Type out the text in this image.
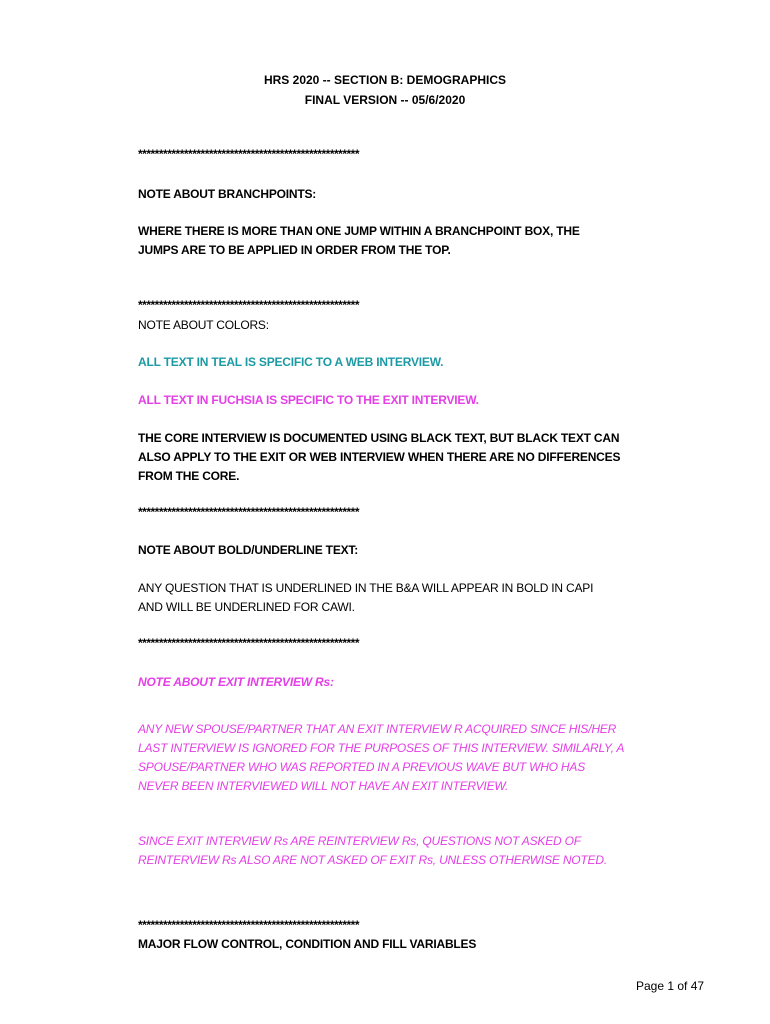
HRS 2020 -- SECTION B: DEMOGRAPHICS
FINAL VERSION -- 05/6/2020
*****************************************************
NOTE ABOUT BRANCHPOINTS:
WHERE THERE IS MORE THAN ONE JUMP WITHIN A BRANCHPOINT BOX, THE
JUMPS ARE TO BE APPLIED IN ORDER FROM THE TOP.
*****************************************************
NOTE ABOUT COLORS:
ALL TEXT IN TEAL IS SPECIFIC TO A WEB INTERVIEW.
ALL TEXT IN FUCHSIA IS SPECIFIC TO THE EXIT INTERVIEW.
THE CORE INTERVIEW IS DOCUMENTED USING BLACK TEXT, BUT BLACK TEXT CAN
ALSO APPLY TO THE EXIT OR WEB INTERVIEW WHEN THERE ARE NO DIFFERENCES
FROM THE CORE.
*****************************************************
NOTE ABOUT BOLD/UNDERLINE TEXT:
ANY QUESTION THAT IS UNDERLINED IN THE B&A WILL APPEAR IN BOLD IN CAPI
AND WILL BE UNDERLINED FOR CAWI.
*****************************************************
NOTE ABOUT EXIT INTERVIEW Rs:
ANY NEW SPOUSE/PARTNER THAT AN EXIT INTERVIEW R ACQUIRED SINCE HIS/HER
LAST INTERVIEW IS IGNORED FOR THE PURPOSES OF THIS INTERVIEW. SIMILARLY, A
SPOUSE/PARTNER WHO WAS REPORTED IN A PREVIOUS WAVE BUT WHO HAS
NEVER BEEN INTERVIEWED WILL NOT HAVE AN EXIT INTERVIEW.
SINCE EXIT INTERVIEW Rs ARE REINTERVIEW Rs, QUESTIONS NOT ASKED OF
REINTERVIEW Rs ALSO ARE NOT ASKED OF EXIT Rs, UNLESS OTHERWISE NOTED.
*****************************************************
MAJOR FLOW CONTROL, CONDITION AND FILL VARIABLES
Page 1 of 47
